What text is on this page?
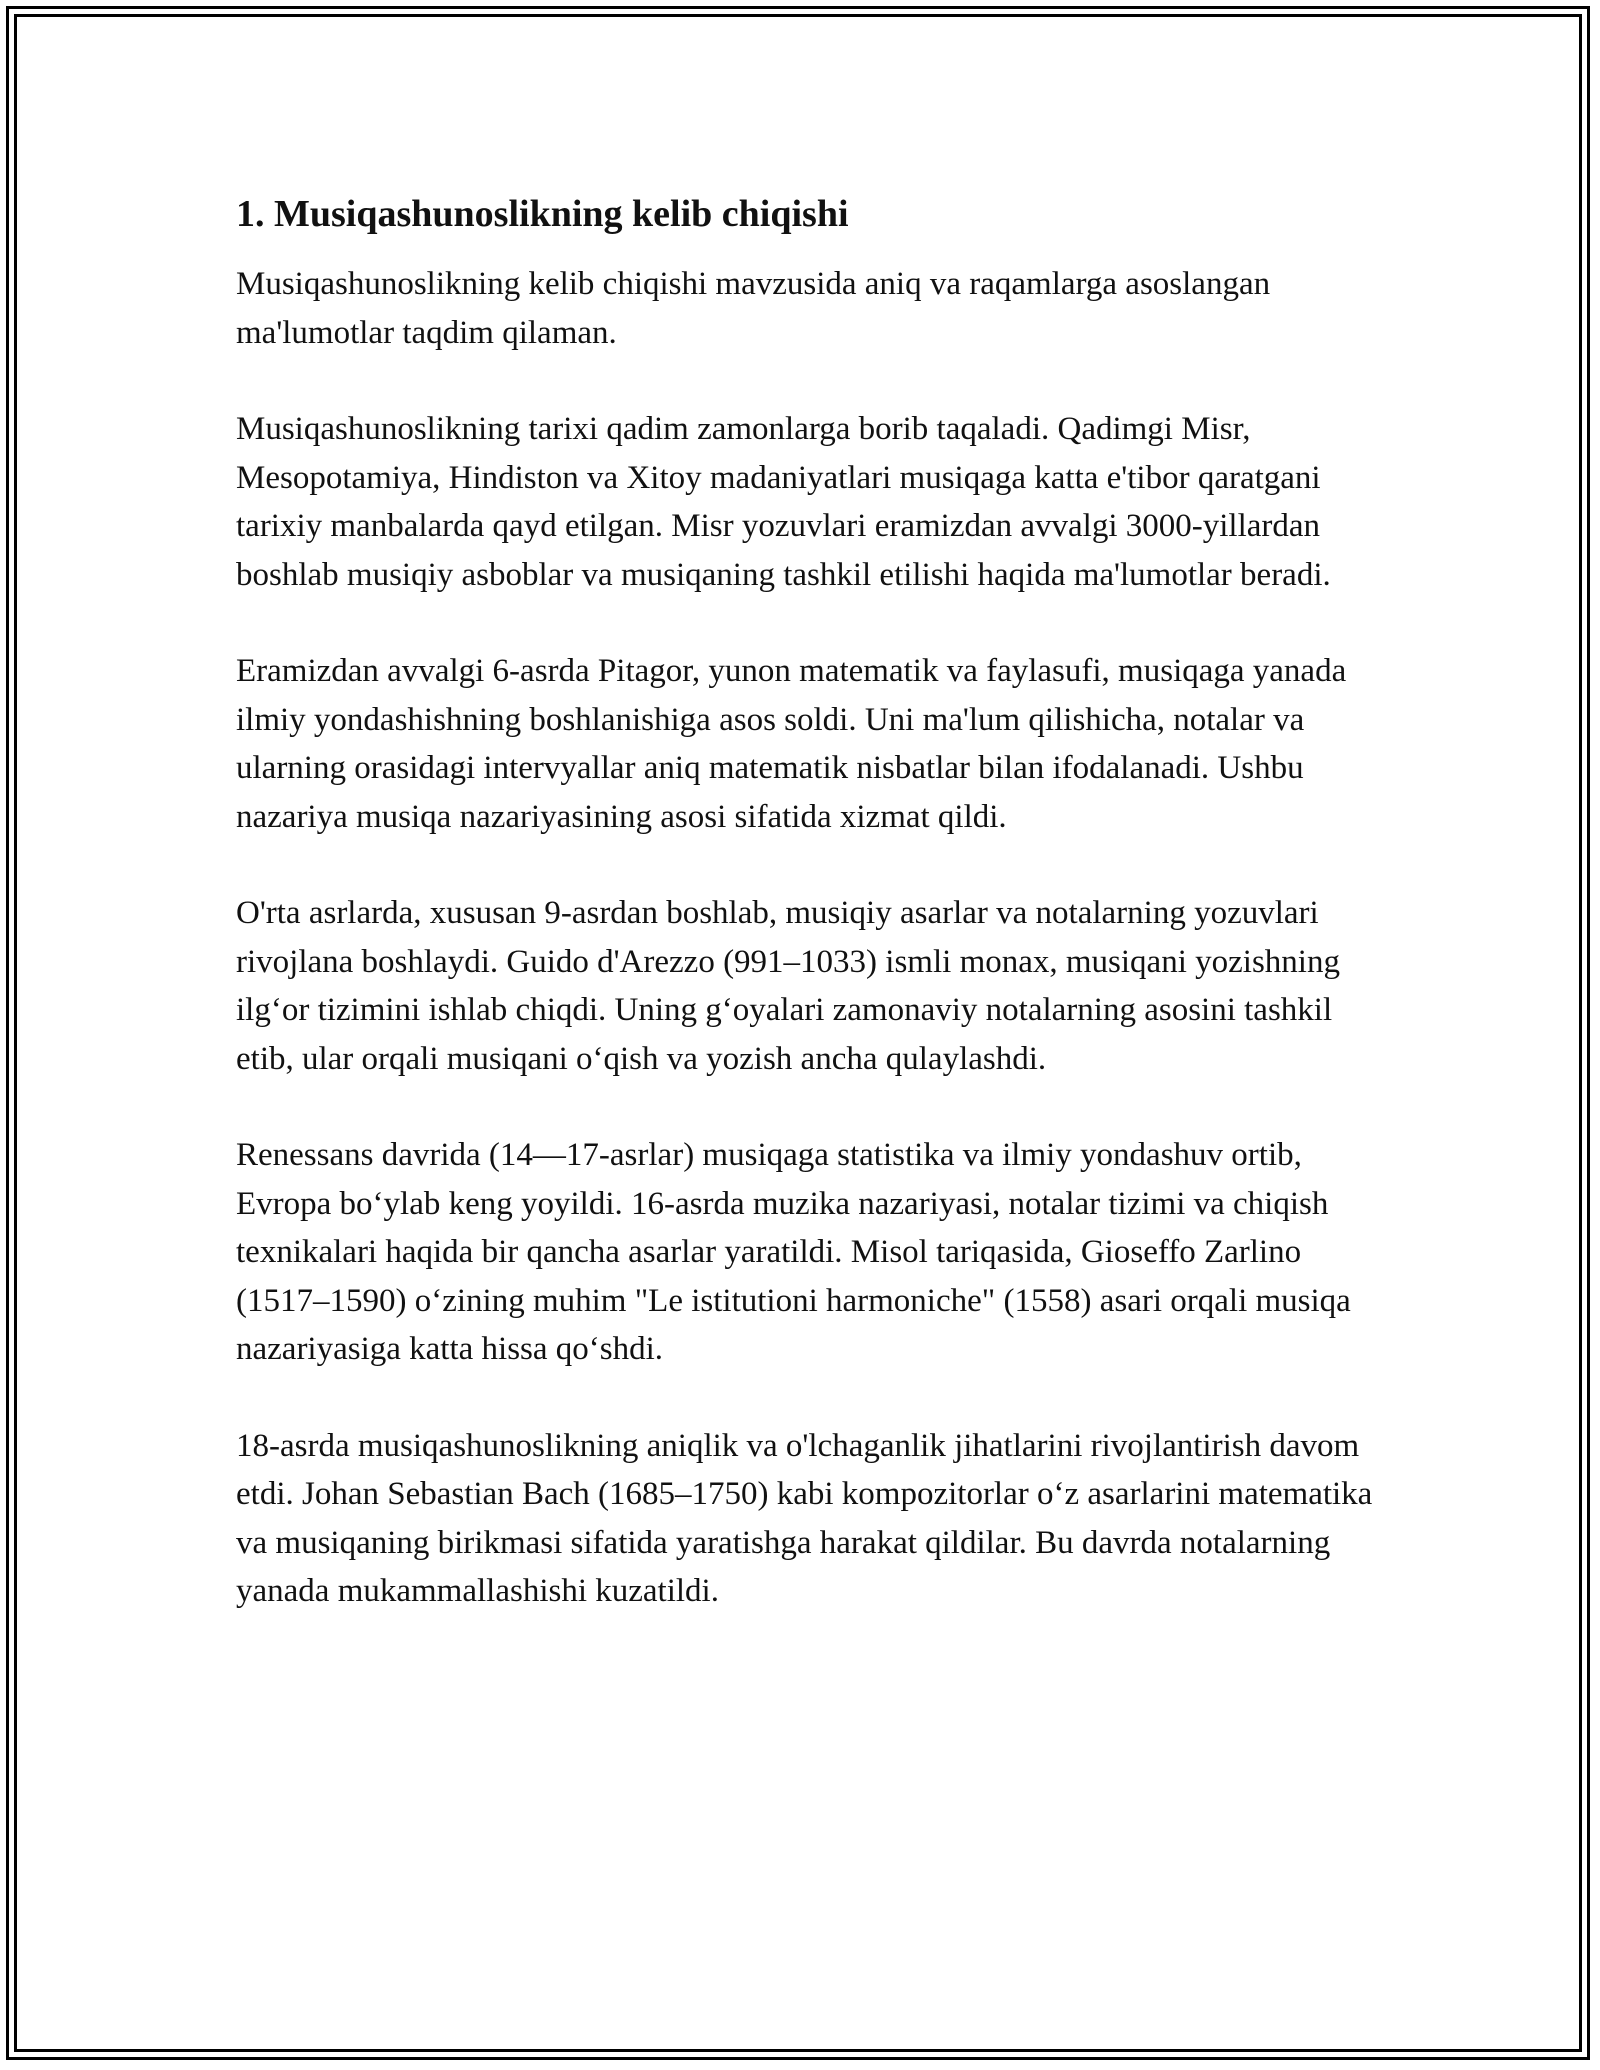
1. Musiqashunoslikning kelib chiqishi

Musiqashunoslikning kelib chiqishi mavzusida aniq va raqamlarga asoslangan ma'lumotlar taqdim qilaman.

Musiqashunoslikning tarixi qadim zamonlarga borib taqaladi. Qadimgi Misr, Mesopotamiya, Hindiston va Xitoy madaniyatlari musiqaga katta e'tibor qaratgani tarixiy manbalarda qayd etilgan. Misr yozuvlari eramizdan avvalgi 3000-yillardan boshlab musiqiy asboblar va musiqaning tashkil etilishi haqida ma'lumotlar beradi.

Eramizdan avvalgi 6-asrda Pitagor, yunon matematik va faylasufi, musiqaga yanada ilmiy yondashishning boshlanishiga asos soldi. Uni ma'lum qilishicha, notalar va ularning orasidagi intervyallar aniq matematik nisbatlar bilan ifodalanadi. Ushbu nazariya musiqa nazariyasining asosi sifatida xizmat qildi.

O'rta asrlarda, xususan 9-asrdan boshlab, musiqiy asarlar va notalarning yozuvlari rivojlana boshlaydi. Guido d'Arezzo (991–1033) ismli monax, musiqani yozishning ilg‘or tizimini ishlab chiqdi. Uning g‘oyalari zamonaviy notalarning asosini tashkil etib, ular orqali musiqani o‘qish va yozish ancha qulaylashdi.

Renessans davrida (14—17-asrlar) musiqaga statistika va ilmiy yondashuv ortib, Evropa bo‘ylab keng yoyildi. 16-asrda muzika nazariyasi, notalar tizimi va chiqish texnikalari haqida bir qancha asarlar yaratildi. Misol tariqasida, Gioseffo Zarlino (1517–1590) o‘zining muhim "Le istitutioni harmoniche" (1558) asari orqali musiqa nazariyasiga katta hissa qo‘shdi.

18-asrda musiqashunoslikning aniqlik va o'lchaganlik jihatlarini rivojlantirish davom etdi. Johan Sebastian Bach (1685–1750) kabi kompozitorlar o‘z asarlarini matematika va musiqaning birikmasi sifatida yaratishga harakat qildilar. Bu davrda notalarning yanada mukammallashishi kuzatildi.
